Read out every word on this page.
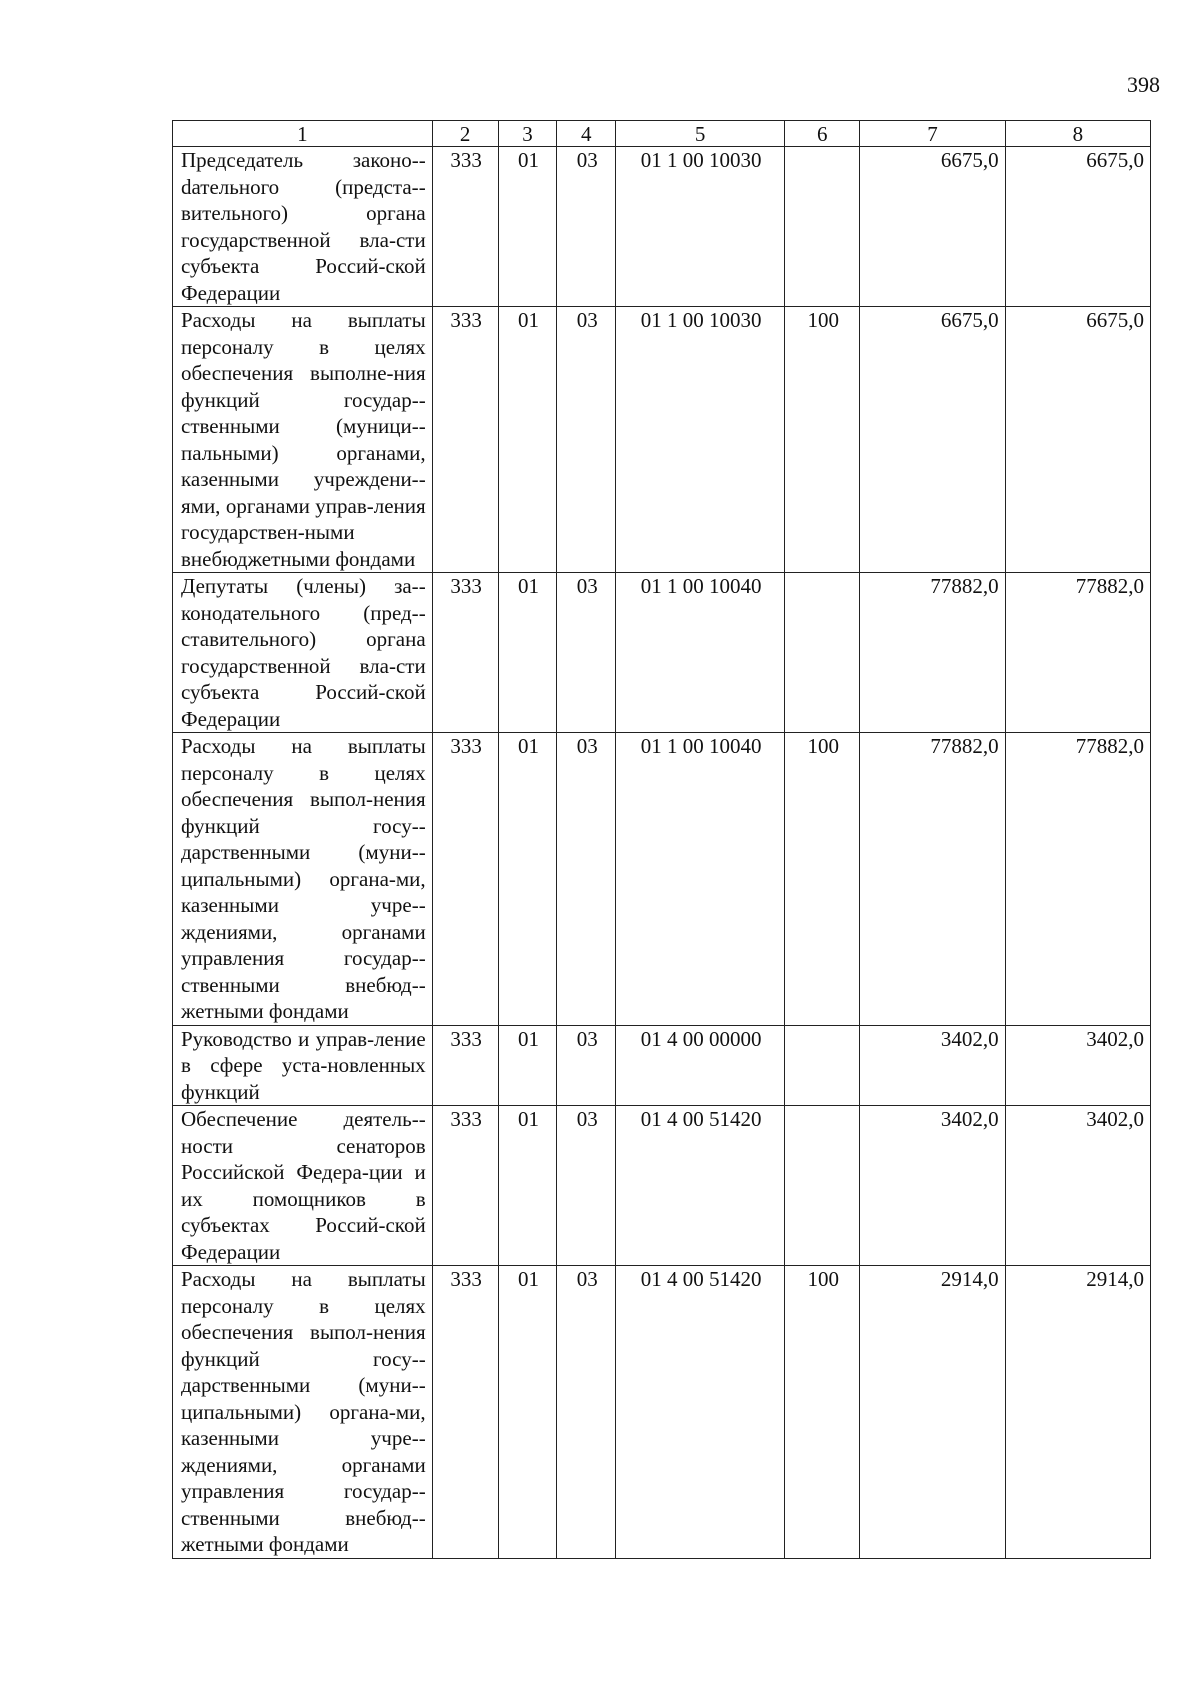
398
1	2	3	4	5	6	7	8
Председатель законо-dательного (предста-вительного) органа государственной вла-сти субъекта Россий-ской Федерации	333	01	03	01 1 00 10030		6675,0	6675,0
Расходы на выплаты персоналу в целях обеспечения выполне-ния функций государ-ственными (муници-пальными) органами, казенными учреждени-ями, органами управ-ления государствен-ными внебюджетными фондами	333	01	03	01 1 00 10030	100	6675,0	6675,0
Депутаты (члены) за-конодательного (пред-ставительного) органа государственной вла-сти субъекта Россий-ской Федерации	333	01	03	01 1 00 10040		77882,0	77882,0
Расходы на выплаты персоналу в целях обеспечения выпол-нения функций госу-дарственными (муни-ципальными) органа-ми, казенными учре-ждениями, органами управления государ-ственными внебюд-жетными фондами	333	01	03	01 1 00 10040	100	77882,0	77882,0
Руководство и управ-ление в сфере уста-новленных функций	333	01	03	01 4 00 00000		3402,0	3402,0
Обеспечение деятель-ности сенаторов Российской Федера-ции и их помощников в субъектах Россий-ской Федерации	333	01	03	01 4 00 51420		3402,0	3402,0
Расходы на выплаты персоналу в целях обеспечения выпол-нения функций госу-дарственными (муни-ципальными) органа-ми, казенными учре-ждениями, органами управления государ-ственными внебюд-жетными фондами	333	01	03	01 4 00 51420	100	2914,0	2914,0
